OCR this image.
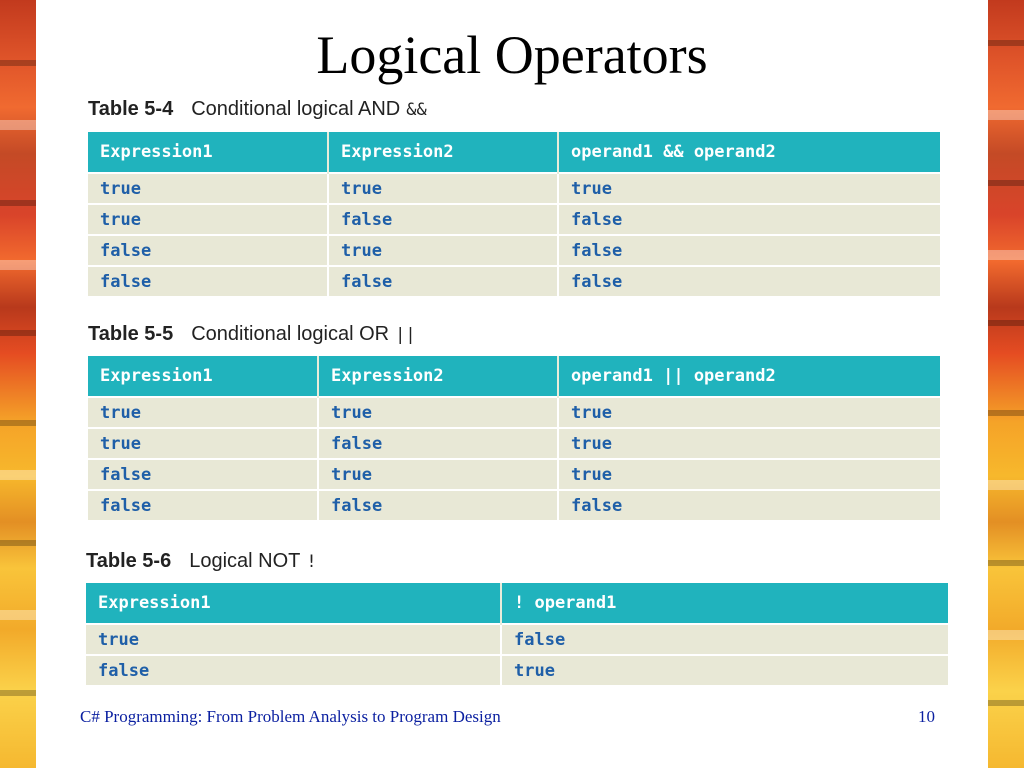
Logical Operators
Table 5-4 Conditional logical AND &&
Expression1	Expression2	operand1 && operand2
true	true	true
true	false	false
false	true	false
false	false	false
Table 5-5 Conditional logical OR ||
Expression1	Expression2	operand1 || operand2
true	true	true
true	false	true
false	true	true
false	false	false
Table 5-6 Logical NOT !
Expression1	! operand1
true	false
false	true
C# Programming: From Problem Analysis to Program Design	10
